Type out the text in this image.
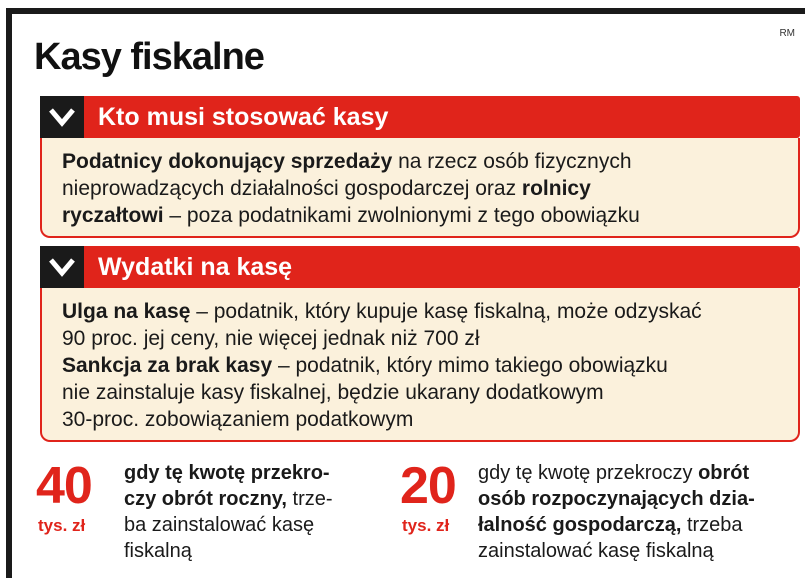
Kasy fiskalne
RM
Kto musi stosować kasy
Podatnicy dokonujący sprzedaży na rzecz osób fizycznych
nieprowadzących działalności gospodarczej oraz rolnicy
ryczałtowi – poza podatnikami zwolnionymi z tego obowiązku
Wydatki na kasę
Ulga na kasę – podatnik, który kupuje kasę fiskalną, może odzyskać
90 proc. jej ceny, nie więcej jednak niż 700 zł
Sankcja za brak kasy – podatnik, który mimo takiego obowiązku
nie zainstaluje kasy fiskalnej, będzie ukarany dodatkowym
30-proc. zobowiązaniem podatkowym
40
tys. zł
gdy tę kwotę przekro-
czy obrót roczny, trze-
ba zainstalować kasę
fiskalną
20
tys. zł
gdy tę kwotę przekroczy obrót
osób rozpoczynających dzia-
łalność gospodarczą, trzeba
zainstalować kasę fiskalną
